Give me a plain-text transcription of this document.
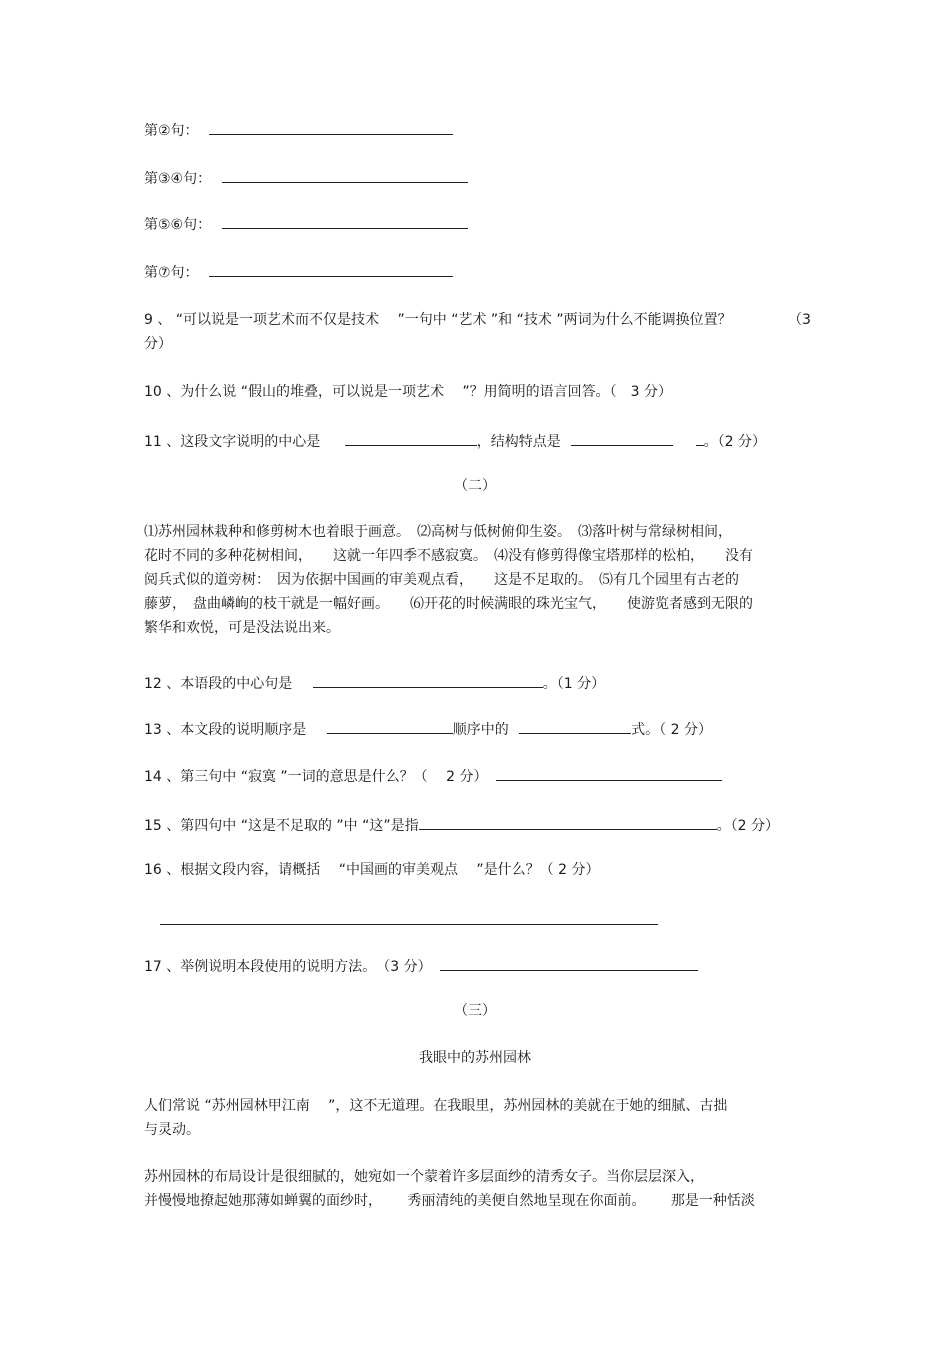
第②句：
第③④句：
第⑤⑥句：
第⑦句：
9 、 “可以说是一项艺术而不仅是技术　 ”一句中 “艺术 ”和 “技术 ”两词为什么不能调换位置？	（3
分）
10 、为什么说 “假山的堆叠，可以说是一项艺术　 ”？用简明的语言回答。（　3 分）
11 、这段文字说明的中心是	，结构特点是	。（2 分）
（二）
⑴苏州园林栽种和修剪树木也着眼于画意。　⑵高树与低树俯仰生姿。　⑶落叶树与常绿树相间，
花时不同的多种花树相间，　　这就一年四季不感寂寞。　⑷没有修剪得像宝塔那样的松柏，　　没有
阅兵式似的道旁树：　因为依据中国画的审美观点看，　　这是不足取的。　⑸有几个园里有古老的
藤萝，　盘曲嶙峋的枝干就是一幅好画。　　⑹开花的时候满眼的珠光宝气，　　使游览者感到无限的
繁华和欢悦，可是没法说出来。
12 、本语段的中心句是	。（1 分）
13 、本文段的说明顺序是	顺序中的	式。（ 2 分）
14 、第三句中 “寂寞 ”一词的意思是什么？（　 2 分）
15 、第四句中 “这是不足取的 ”中 “这”是指	。（2 分）
16 、根据文段内容，请概括　 “中国画的审美观点　 ”是什么？（ 2 分）
17 、举例说明本段使用的说明方法。　（3 分）
（三）
我眼中的苏州园林
人们常说 “苏州园林甲江南　 ”，这不无道理。在我眼里，苏州园林的美就在于她的细腻、古拙
与灵动。
苏州园林的布局设计是很细腻的，她宛如一个蒙着许多层面纱的清秀女子。当你层层深入，
并慢慢地撩起她那薄如蝉翼的面纱时，　　 秀丽清纯的美便自然地呈现在你面前。　　 那是一种恬淡
